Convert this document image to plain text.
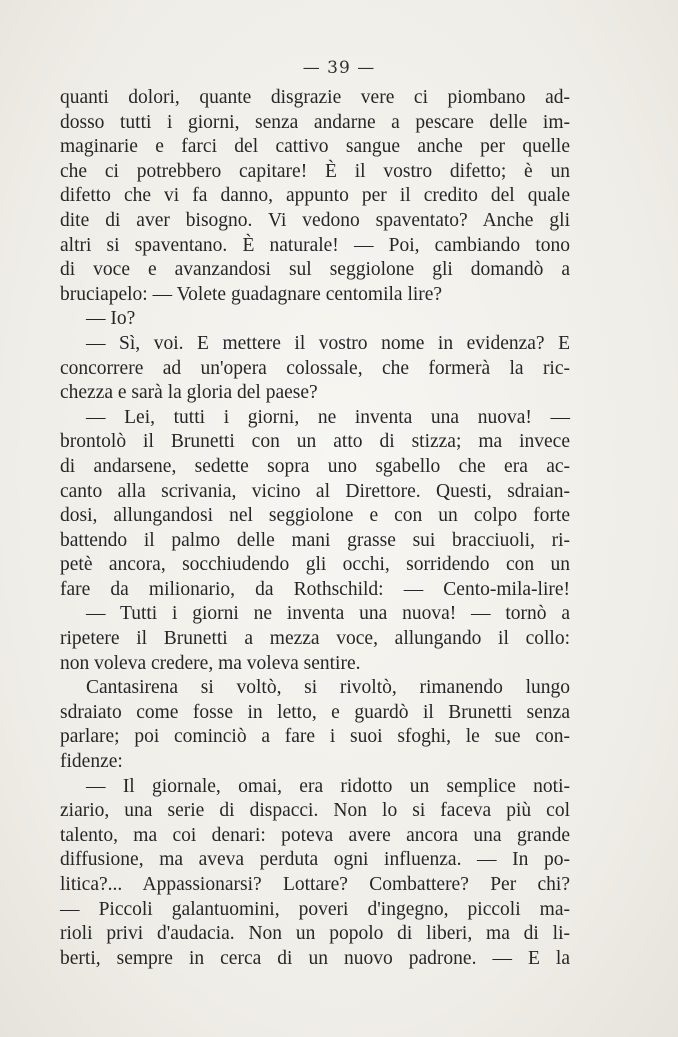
— 39 —
quanti dolori, quante disgrazie vere ci piombano ad-
dosso tutti i giorni, senza andarne a pescare delle im-
maginarie e farci del cattivo sangue anche per quelle
che ci potrebbero capitare! È il vostro difetto; è un
difetto che vi fa danno, appunto per il credito del quale
dite di aver bisogno. Vi vedono spaventato? Anche gli
altri si spaventano. È naturale! — Poi, cambiando tono
di voce e avanzandosi sul seggiolone gli domandò a
bruciapelo: — Volete guadagnare centomila lire?
— Io?
— Sì, voi. E mettere il vostro nome in evidenza? E
concorrere ad un'opera colossale, che formerà la ric-
chezza e sarà la gloria del paese?
— Lei, tutti i giorni, ne inventa una nuova! —
brontolò il Brunetti con un atto di stizza; ma invece
di andarsene, sedette sopra uno sgabello che era ac-
canto alla scrivania, vicino al Direttore. Questi, sdraian-
dosi, allungandosi nel seggiolone e con un colpo forte
battendo il palmo delle mani grasse sui bracciuoli, ri-
petè ancora, socchiudendo gli occhi, sorridendo con un
fare da milionario, da Rothschild: — Cento-mila-lire!
— Tutti i giorni ne inventa una nuova! — tornò a
ripetere il Brunetti a mezza voce, allungando il collo:
non voleva credere, ma voleva sentire.
Cantasirena si voltò, si rivoltò, rimanendo lungo
sdraiato come fosse in letto, e guardò il Brunetti senza
parlare; poi cominciò a fare i suoi sfoghi, le sue con-
fidenze:
— Il giornale, omai, era ridotto un semplice noti-
ziario, una serie di dispacci. Non lo si faceva più col
talento, ma coi denari: poteva avere ancora una grande
diffusione, ma aveva perduta ogni influenza. — In po-
litica?... Appassionarsi? Lottare? Combattere? Per chi?
— Piccoli galantuomini, poveri d'ingegno, piccoli ma-
rioli privi d'audacia. Non un popolo di liberi, ma di li-
berti, sempre in cerca di un nuovo padrone. — E la
